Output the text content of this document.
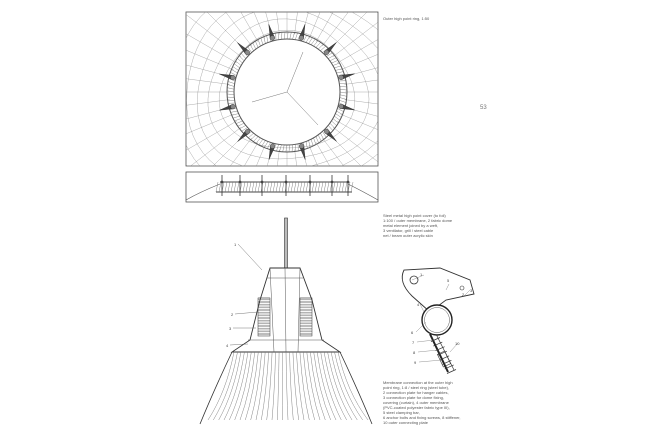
1
2
3
4
1
2
3
4
5
6
7
8
9
10
53

Outer high point ring, 1:50

Steel metal high point cover (to foil)
1:100 / outer membrane, 2 fabric dome
metal element joined by a weft,
3 ventilator, grill / steel cable
net / beam outer acrylic skin

Membrane connection at the outer high
point ring, 1:8 / steel ring (steel tube),
2 connection plate for hanger cables,
3 connection plate for dome fixing,
covering (curtain), 4 outer membrane
(PVC-coated polyester fabric type III),
5 steel clamping bar,
6 anchor bolts and fixing screws, 8 stiffener,
10 outer connecting plate
